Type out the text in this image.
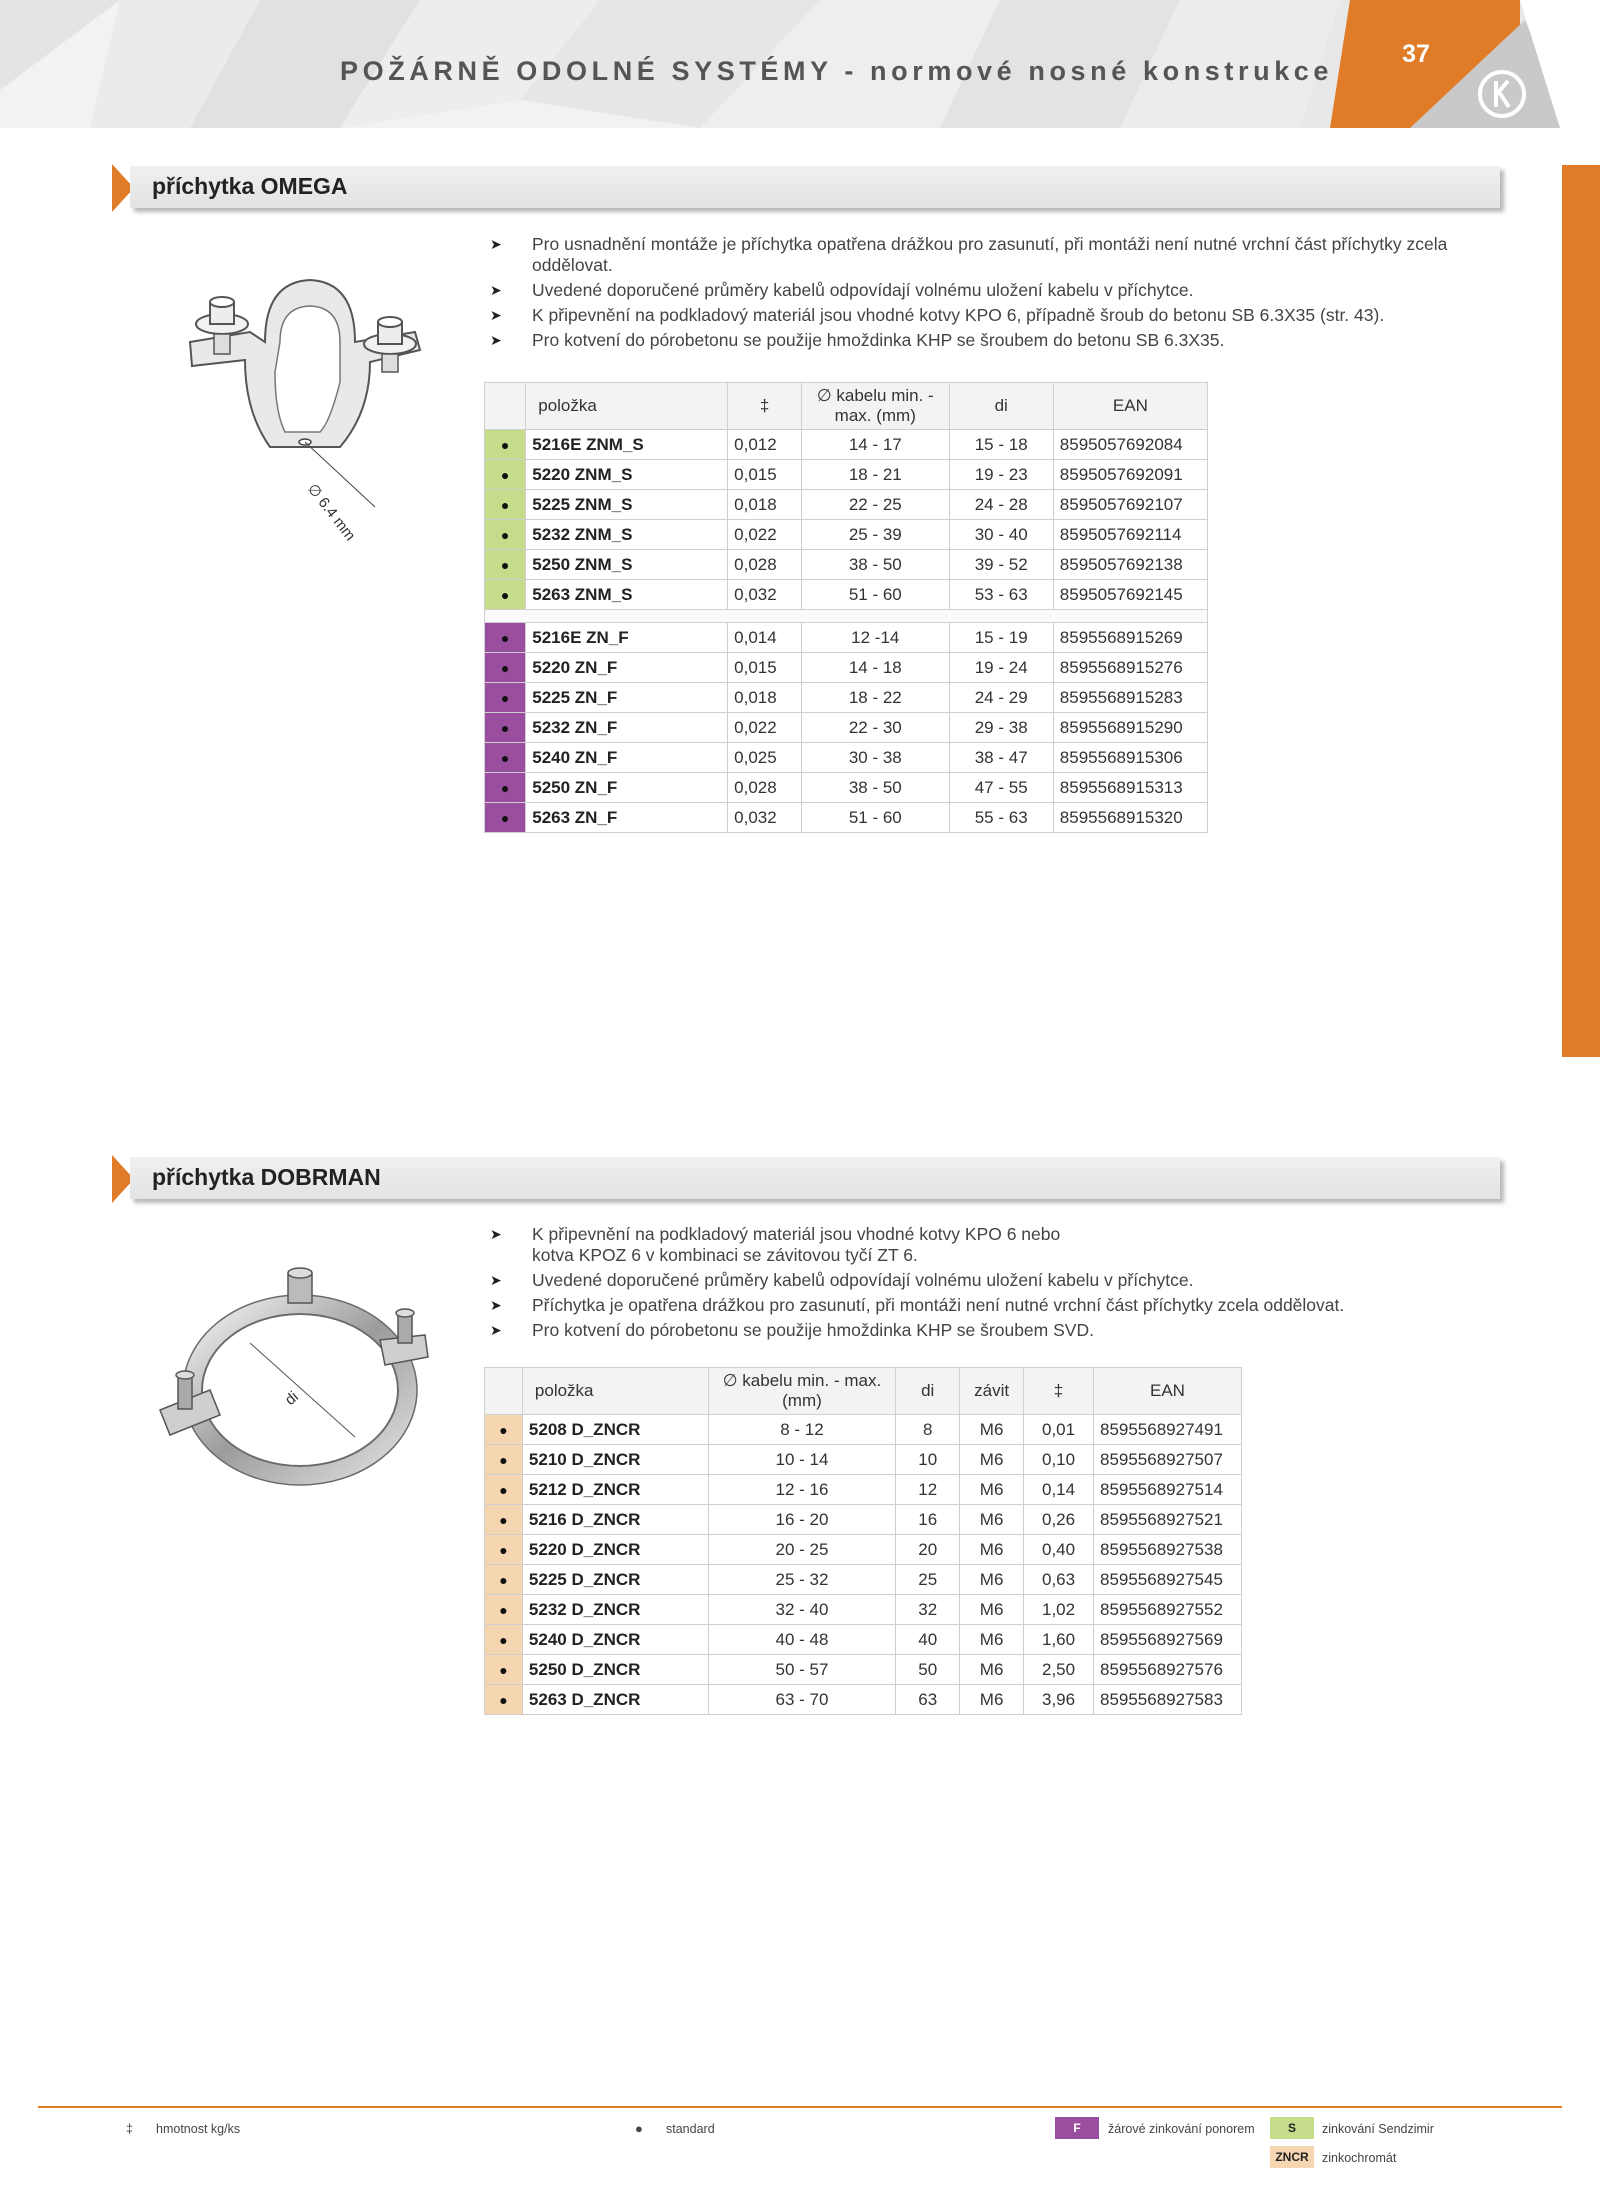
POŽÁRNĚ ODOLNÉ SYSTÉMY - normové nosné konstrukce
37
příchytka OMEGA
∅ 6.4 mm
➤ Pro usnadnění montáže je příchytka opatřena drážkou pro zasunutí, při montáži není nutné vrchní část příchytky zcela oddělovat.
➤ Uvedené doporučené průměry kabelů odpovídají volnému uložení kabelu v příchytce.
➤ K připevnění na podkladový materiál jsou vhodné kotvy KPO 6, případně šroub do betonu SB 6.3X35 (str. 43).
➤ Pro kotvení do pórobetonu se použije hmoždinka KHP se šroubem do betonu SB 6.3X35.
	položka	‡	∅ kabelu min. - max. (mm)	di	EAN
●	5216E ZNM_S	0,012	14 - 17	15 - 18	8595057692084
●	5220 ZNM_S	0,015	18 - 21	19 - 23	8595057692091
●	5225 ZNM_S	0,018	22 - 25	24 - 28	8595057692107
●	5232 ZNM_S	0,022	25 - 39	30 - 40	8595057692114
●	5250 ZNM_S	0,028	38 - 50	39 - 52	8595057692138
●	5263 ZNM_S	0,032	51 - 60	53 - 63	8595057692145

●	5216E ZN_F	0,014	12 -14	15 - 19	8595568915269
●	5220 ZN_F	0,015	14 - 18	19 - 24	8595568915276
●	5225 ZN_F	0,018	18 - 22	24 - 29	8595568915283
●	5232 ZN_F	0,022	22 - 30	29 - 38	8595568915290
●	5240 ZN_F	0,025	30 - 38	38 - 47	8595568915306
●	5250 ZN_F	0,028	38 - 50	47 - 55	8595568915313
●	5263 ZN_F	0,032	51 - 60	55 - 63	8595568915320
příchytka DOBRMAN
di
➤ K připevnění na podkladový materiál jsou vhodné kotvy KPO 6 nebo kotva KPOZ 6 v kombinaci se závitovou tyčí ZT 6.
➤ Uvedené doporučené průměry kabelů odpovídají volnému uložení kabelu v příchytce.
➤ Příchytka je opatřena drážkou pro zasunutí, při montáži není nutné vrchní část příchytky zcela oddělovat.
➤ Pro kotvení do pórobetonu se použije hmoždinka KHP se šroubem SVD.
	položka	∅ kabelu min. - max. (mm)	di	závit	‡	EAN
●	5208 D_ZNCR	8 - 12	8	M6	0,01	8595568927491
●	5210 D_ZNCR	10 - 14	10	M6	0,10	8595568927507
●	5212 D_ZNCR	12 - 16	12	M6	0,14	8595568927514
●	5216 D_ZNCR	16 - 20	16	M6	0,26	8595568927521
●	5220 D_ZNCR	20 - 25	20	M6	0,40	8595568927538
●	5225 D_ZNCR	25 - 32	25	M6	0,63	8595568927545
●	5232 D_ZNCR	32 - 40	32	M6	1,02	8595568927552
●	5240 D_ZNCR	40 - 48	40	M6	1,60	8595568927569
●	5250 D_ZNCR	50 - 57	50	M6	2,50	8595568927576
●	5263 D_ZNCR	63 - 70	63	M6	3,96	8595568927583
‡ hmotnost kg/ks	● standard	F	žárové zinkování ponorem	S	zinkování Sendzimir
ZNCR	zinkochromát
